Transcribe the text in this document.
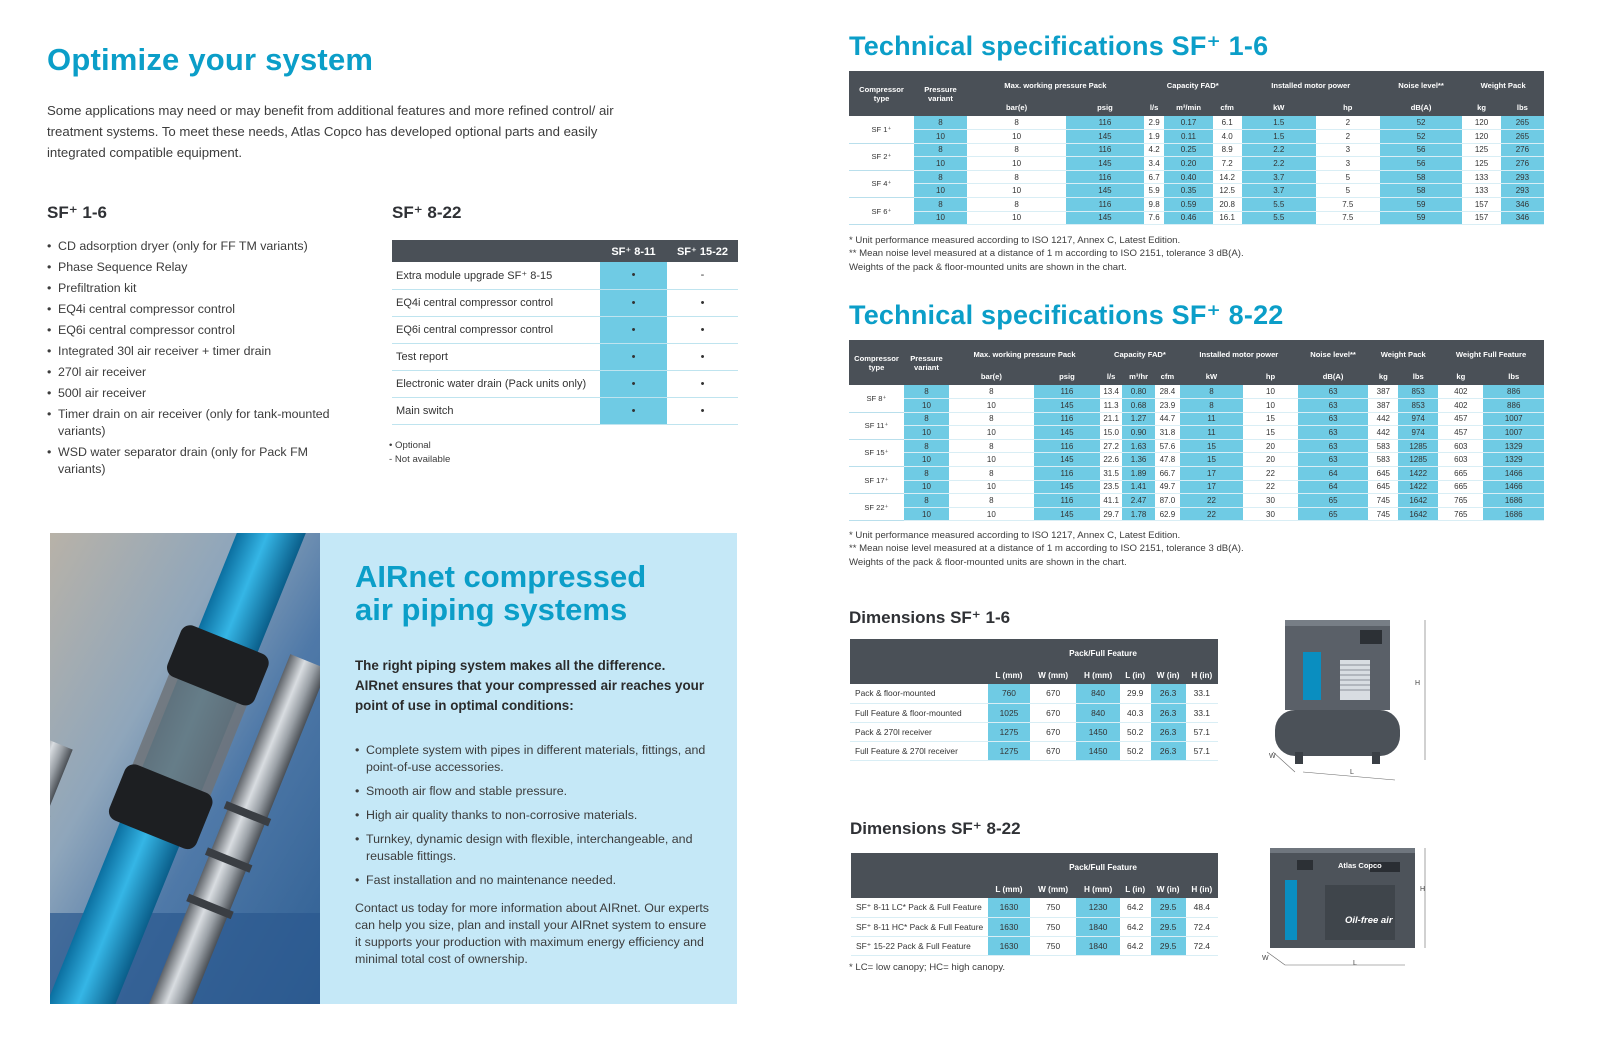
Optimize your system

Some applications may need or may benefit from additional features and more refined control/ air treatment systems. To meet these needs, Atlas Copco has developed optional parts and easily integrated compatible equipment.

SF⁺ 1-6
• CD adsorption dryer (only for FF TM variants)
• Phase Sequence Relay
• Prefiltration kit
• EQ4i central compressor control
• EQ6i central compressor control
• Integrated 30l air receiver + timer drain
• 270l air receiver
• 500l air receiver
• Timer drain on air receiver (only for tank-mounted variants)
• WSD water separator drain (only for Pack FM variants)
SF⁺ 8-22
	SF⁺ 8-11	SF⁺ 15-22
Extra module upgrade SF⁺ 8-15	•	-
EQ4i central compressor control	•	•
EQ6i central compressor control	•	•
Test report	•	•
Electronic water drain (Pack units only)	•	•
Main switch	•	•
• Optional
- Not available
AIRnet compressed
air piping systems

The right piping system makes all the difference. AIRnet ensures that your compressed air reaches your point of use in optimal conditions:

• Complete system with pipes in different materials, fittings, and point-of-use accessories.
• Smooth air flow and stable pressure.
• High air quality thanks to non-corrosive materials.
• Turnkey, dynamic design with flexible, interchangeable, and reusable fittings.
• Fast installation and no maintenance needed.

Contact us today for more information about AIRnet. Our experts can help you size, plan and install your AIRnet system to ensure it supports your production with maximum energy efficiency and minimal total cost of ownership.

Technical specifications SF⁺ 1-6
Compressor type	Pressure variant	Max. working pressure Pack		Capacity FAD*			Installed motor power		Noise level**	Weight Pack	
		bar(e)	psig	l/s	m³/min	cfm	kW	hp	dB(A)	kg	lbs
SF 1⁺	8	8	116	2.9	0.17	6.1	1.5	2	52	120	265
	10	10	145	1.9	0.11	4.0	1.5	2	52	120	265
SF 2⁺	8	8	116	4.2	0.25	8.9	2.2	3	56	125	276
	10	10	145	3.4	0.20	7.2	2.2	3	56	125	276
SF 4⁺	8	8	116	6.7	0.40	14.2	3.7	5	58	133	293
	10	10	145	5.9	0.35	12.5	3.7	5	58	133	293
SF 6⁺	8	8	116	9.8	0.59	20.8	5.5	7.5	59	157	346
	10	10	145	7.6	0.46	16.1	5.5	7.5	59	157	346
* Unit performance measured according to ISO 1217, Annex C, Latest Edition.
** Mean noise level measured at a distance of 1 m according to ISO 2151, tolerance 3 dB(A).
Weights of the pack & floor-mounted units are shown in the chart.
Technical specifications SF⁺ 8-22
Compressor type	Pressure variant	Max. working pressure Pack		Capacity FAD*			Installed motor power		Noise level**	Weight Pack		Weight Full Feature	
		bar(e)	psig	l/s	m³/hr	cfm	kW	hp	dB(A)	kg	lbs	kg	lbs
SF 8⁺	8	8	116	13.4	0.80	28.4	8	10	63	387	853	402	886
	10	10	145	11.3	0.68	23.9	8	10	63	387	853	402	886
SF 11⁺	8	8	116	21.1	1.27	44.7	11	15	63	442	974	457	1007
	10	10	145	15.0	0.90	31.8	11	15	63	442	974	457	1007
SF 15⁺	8	8	116	27.2	1.63	57.6	15	20	63	583	1285	603	1329
	10	10	145	22.6	1.36	47.8	15	20	63	583	1285	603	1329
SF 17⁺	8	8	116	31.5	1.89	66.7	17	22	64	645	1422	665	1466
	10	10	145	23.5	1.41	49.7	17	22	64	645	1422	665	1466
SF 22⁺	8	8	116	41.1	2.47	87.0	22	30	65	745	1642	765	1686
	10	10	145	29.7	1.78	62.9	22	30	65	745	1642	765	1686
* Unit performance measured according to ISO 1217, Annex C, Latest Edition.
** Mean noise level measured at a distance of 1 m according to ISO 2151, tolerance 3 dB(A).
Weights of the pack & floor-mounted units are shown in the chart.
Dimensions SF⁺ 1-6
	Pack/Full Feature					
	L (mm)	W (mm)	H (mm)	L (in)	W (in)	H (in)
Pack & floor-mounted	760	670	840	29.9	26.3	33.1
Full Feature & floor-mounted	1025	670	840	40.3	26.3	33.1
Pack & 270l receiver	1275	670	1450	50.2	26.3	57.1
Full Feature & 270l receiver	1275	670	1450	50.2	26.3	57.1
H
W
L
Dimensions SF⁺ 8-22
	Pack/Full Feature					
	L (mm)	W (mm)	H (mm)	L (in)	W (in)	H (in)
SF⁺ 8-11 LC* Pack & Full Feature	1630	750	1230	64.2	29.5	48.4
SF⁺ 8-11 HC* Pack & Full Feature	1630	750	1840	64.2	29.5	72.4
SF⁺ 15-22 Pack & Full Feature	1630	750	1840	64.2	29.5	72.4
* LC= low canopy; HC= high canopy.
Atlas Copco
Oil-free air
H
W
L
